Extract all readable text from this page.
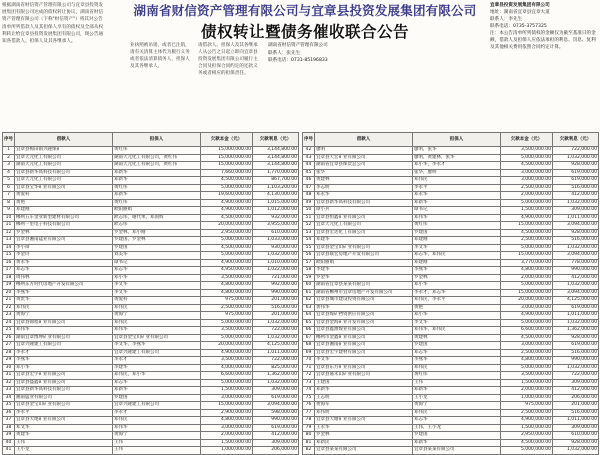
根据湖南省财信资产管理有限公司与宜章县投资发展集团有限公司达成的债权转让协议，湖南省财信资产管理有限公司（下称"财信资产"）将其对公告清单所列借款人及其担保人享有的债权及全部从权利转让给宜章县投资发展集团有限公司，现公告通知各借款人、担保人及其各继承人。
湖南省财信资产管理有限公司与宜章县投资发展集团有限公司
债权转让暨债务催收联合公告
业执照被吊销，或者已注销，请有关清算主体代为履行义务或者依法清算债务人，担保人及其各继承人。
请借款人、担保人及其各继承人从公告之日起立即向宜章县投资发展集团有限公司履行主合同及担保合同约定的还款义务或者相应的担保责任。
湖南省财信资产管理有限公司
联系人：张先生
联系电话：0731-85196833
宜章县投资发展集团有限公司
地址：湖南省宜章县宜章大道
联系人：李先生
联系电话：0735-3757325
注：本公告清单所列债权的金额仅为截至基准日的金额，借款人及担保人应依法承担的利息、罚息、复利及其他相关费用依照合同约定计算。
序号	借款人	担保人	欠款本金（元）	欠款利息（元）
1	宜章县梅田镇兴隆煤矿	黄红伟	15,000,000.00	3,144,800.00
2	宜章天元化工有限公司	湖南天元化工有限公司，黄红伟	15,000,000.00	3,144,800.00
3	湖南天元化工有限公司	湖南天元化工有限公司，黄红伟	15,000,000.00	3,144,800.00
4	宜章县新华高科技有限公司	邓新华	7,660,000.00	1,770,000.00
5	宜章天元化工有限公司	邓新华	4,500,000.00	867,700.00
6	宜章县宝华矿业有限公司	黄红伟	5,000,000.00	1,103,200.00
7	黄爱科	邓新华	19,600,000.00	4,130,000.00
8	黄艳	黄红伟	4,900,000.00	1,015,000.00
9	邓建刚	欧阳丽娟	4,900,000.00	1,012,000.00
10	郴州五车金业新型建材有限公司	欧志伟，谢代果，邓国辉	4,500,000.00	932,000.00
11	郴州一里电子科技有限公司	欧志伟	20,000,000.00	3,955,000.00
12	罗金林	罗金林，邓小刚	2,950,000.00	610,000.00
13	宜章县湘南锰业有限公司	罗建国，罗金林	5,000,000.00	1,033,000.00
14	李小锋	罗建国	4,500,000.00	930,000.00
15	李金玲	刘美华	5,000,000.00	1,032,000.00
16	黄永华	谭书记	4,900,000.00	1,010,000.00
17	邓志华	邓志华	4,950,000.00	1,022,000.00
18	周伟林	邓小华	3,500,000.00	721,000.00
19	郴州东方时代房地产开发有限公司	李文华	4,800,000.00	992,000.00
20	李燕华	李文华	4,800,000.00	990,000.00
21	黄贵华	黄爱科	975,000.00	201,000.00
22	邓伟民	邓伟民	2,500,000.00	516,000.00
23	黄海宁	黄海宁	975,000.00	201,000.00
24	宜章县锦程矿业有限公司	邓伟民	5,000,000.00	1,032,000.00
25	邓伟华	邓伟华	3,500,000.00	722,000.00
26	湖南宜章博坤矿业有限公司	宜章县金宝山矿业有限公司	5,000,000.00	1,032,000.00
27	宜章兴隆建工有限公司	李文华，李燕华	20,000,000.00	4,125,000.00
28	李永才	宜章兴隆建工有限公司	4,900,000.00	1,011,000.00
29	李燕华	李永才	3,500,000.00	722,000.00
30	邓小华	李建华	4,000,000.00	825,000.00
31	宜章县宏宇矿业有限公司	邓伟民，邓小华	6,600,000.00	1,362,000.00
32	宜章县盛鑫矿业有限公司	邓志华	5,000,000.00	1,032,000.00
33	宜章县新华高科技有限公司	邓新华	1,500,000.00	309,000.00
34	湘南锰业有限公司	罗建国	3,000,000.00	619,000.00
35	宜章县金宝山矿业有限公司	宜章兴隆建工有限公司	15,000,000.00	3,094,000.00
36	李永平	李永才	2,900,000.00	598,000.00
37	宜章县大地矿业有限公司	邓伟民	4,800,000.00	990,000.00
38	邓文华	邓伟华	3,000,000.00	619,000.00
39	黄建华	黄海宁	2,000,000.00	412,000.00
40	王伟	王伟	1,500,000.00	309,000.00
41	王小龙	王伟	1,000,000.00	206,000.00
序号	借款人	担保人	欠款本金（元）	欠款利息（元）
42	廖明	廖明，张华	3,500,000.00	722,000.00
43	宜章县天宏矿业有限公司	廖明，黄建林，张华	5,000,000.00	1,032,000.00
44	湖南省宜章县煤炭总公司	邓小华，李永才	4,500,000.00	928,000.00
45	张华	张华，廖明	3,000,000.00	619,000.00
46	黄建林	邓伟民	3,000,000.00	619,000.00
47	李志明	李永平	2,500,000.00	516,000.00
48	邓永华	邓永华	2,000,000.00	412,000.00
49	宜章县新华高科技有限公司	邓新华	5,000,000.00	1,032,000.00
50	谭小兵	谭书记	1,500,000.00	309,000.00
51	宜章县恒鑫矿业有限公司	邓伟华	4,900,000.00	1,011,000.00
52	宜章天元化工有限公司	黄红伟	15,000,000.00	3,094,000.00
53	宜章县宏达化工有限公司	罗建国	4,500,000.00	928,000.00
54	邓建华	邓建刚	2,500,000.00	516,000.00
55	宜章县金宝山矿业有限公司	李文华	5,000,000.00	1,032,000.00
56	宜章县联宏房地产开发有限公司	邓志华，邓伟民	15,000,000.00	3,094,000.00
57	欧阳丽娟	邓建刚	3,770,000.00	778,000.00
58	李建华	李燕华	4,800,000.00	990,000.00
59	罗金华	罗金林	2,000,000.00	412,000.00
60	湖南省宜章县某某有限公司	邓小华	5,000,000.00	1,032,000.00
61	湖南省郴州市宜章房地产开发有限公司	李永才，邓志华	15,000,000.00	3,094,000.00
62	宜章县城市建设投资有限公司	邓伟民，李永平	20,000,000.00	4,125,000.00
63	黄伟华	黄艳	3,000,000.00	619,000.00
64	宜章县煤矿物资供应有限公司	邓小华	4,900,000.00	1,011,000.00
65	宜章县金海矿业开发有限公司	李文华	5,000,000.00	1,032,000.00
66	宜章县鑫源煤业有限公司	邓伟华，邓伟民	6,600,000.00	1,362,000.00
67	郴州市金鑫矿业有限公司	黄建林	4,500,000.00	928,000.00
68	宜章县湘南矿业有限公司	罗建国	3,000,000.00	619,000.00
69	宜章县宏宇建材有限公司	邓志华	2,500,000.00	516,000.00
70	李文华	李燕华	4,800,000.00	990,000.00
71	宜章县东方矿业有限公司	邓伟民	5,000,000.00	1,032,000.00
72	宜章县嘉禾山矿业有限公司	黄红伟	3,500,000.00	722,000.00
73	王建国	王伟	1,500,000.00	309,000.00
74	邓新华	邓新华	2,000,000.00	412,000.00
75	王志明	王小龙	1,000,000.00	206,000.00
76	黄海军	黄海宁	975,000.00	201,000.00
77	邓伟明	邓伟民	2,500,000.00	516,000.00
78	宜章县大塘矿业有限公司	邓志华	4,900,000.00	1,011,000.00
79	王永华	王伟，王小龙	1,500,000.00	309,000.00
80	罗金林	罗建国	2,950,000.00	610,000.00
81	邓新民	邓新华	4,500,000.00	928,000.00
82	宜章县某某有限公司	宜章县某某有限公司	5,000,000.00	1,032,000.00
